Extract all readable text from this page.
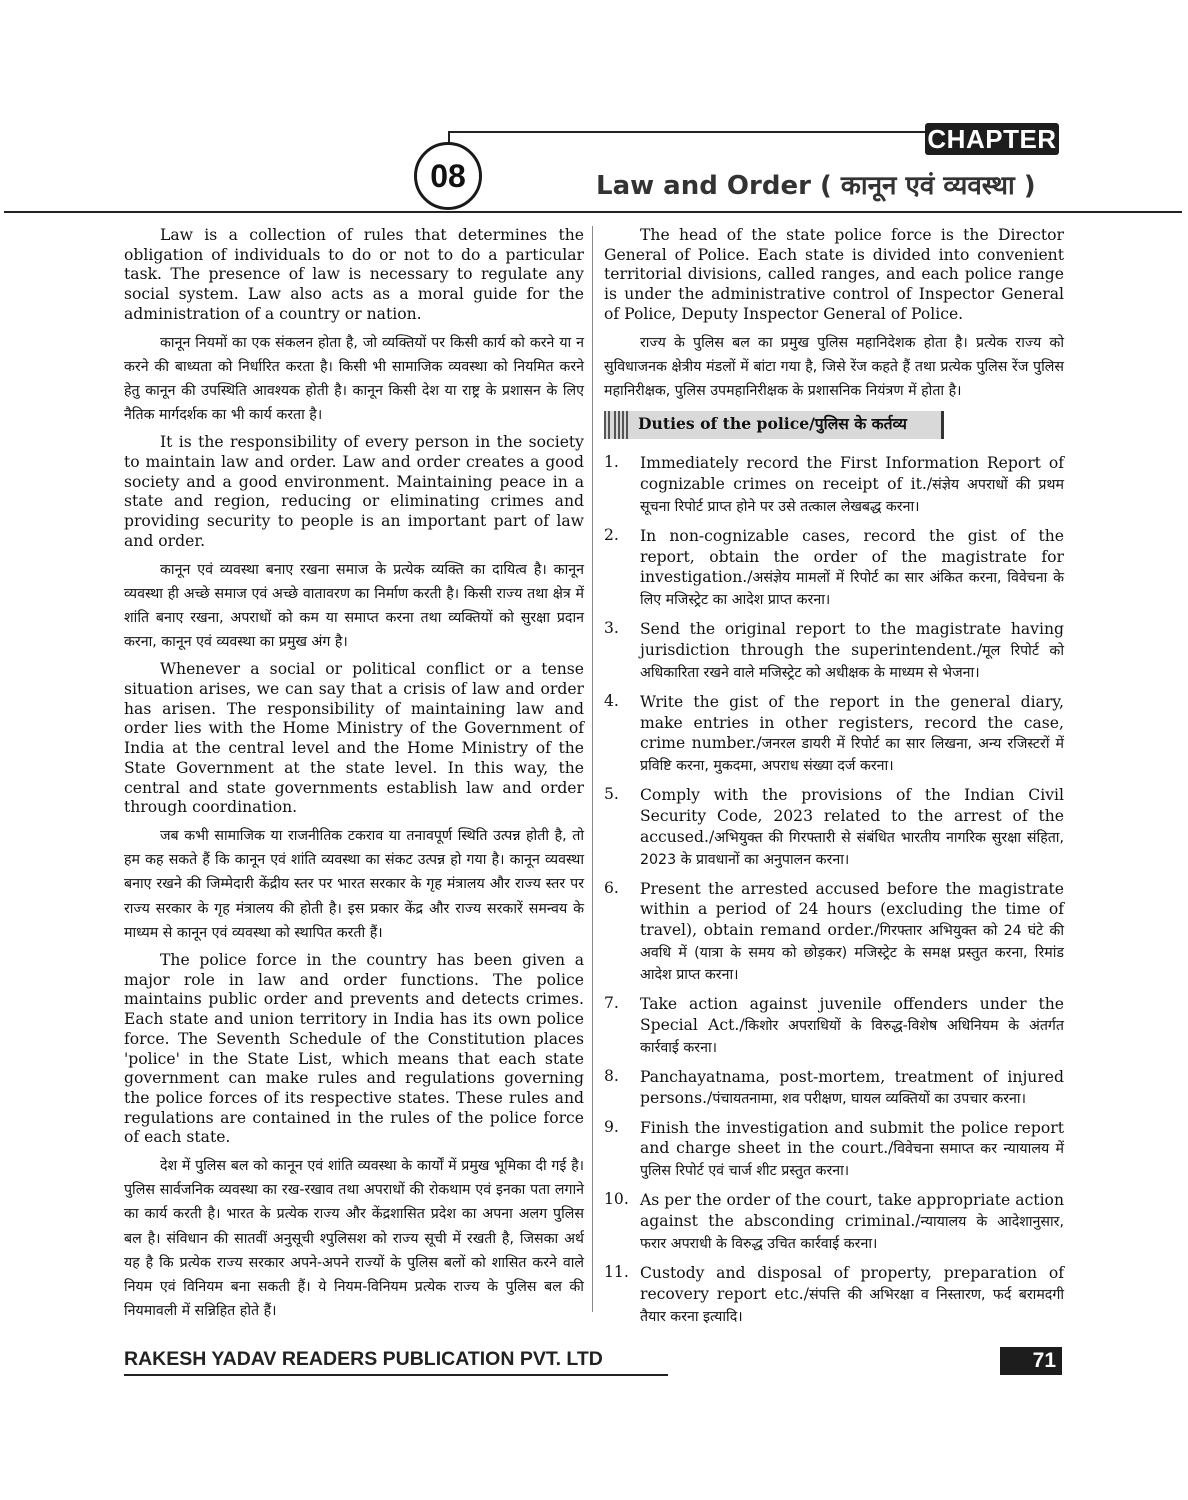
CHAPTER
08	Law and Order ( कानून एवं व्यवस्था )

Law is a collection of rules that determines the obligation of individuals to do or not to do a particular task. The presence of law is necessary to regulate any social system. Law also acts as a moral guide for the administration of a country or nation.

कानून नियमों का एक संकलन होता है, जो व्यक्तियों पर किसी कार्य को करने या न करने की बाध्यता को निर्धारित करता है। किसी भी सामाजिक व्यवस्था को नियमित करने हेतु कानून की उपस्थिति आवश्यक होती है। कानून किसी देश या राष्ट्र के प्रशासन के लिए नैतिक मार्गदर्शक का भी कार्य करता है।

It is the responsibility of every person in the society to maintain law and order. Law and order creates a good society and a good environment. Maintaining peace in a state and region, reducing or eliminating crimes and providing security to people is an important part of law and order.

कानून एवं व्यवस्था बनाए रखना समाज के प्रत्येक व्यक्ति का दायित्व है। कानून व्यवस्था ही अच्छे समाज एवं अच्छे वातावरण का निर्माण करती है। किसी राज्य तथा क्षेत्र में शांति बनाए रखना, अपराधों को कम या समाप्त करना तथा व्यक्तियों को सुरक्षा प्रदान करना, कानून एवं व्यवस्था का प्रमुख अंग है।

Whenever a social or political conflict or a tense situation arises, we can say that a crisis of law and order has arisen. The responsibility of maintaining law and order lies with the Home Ministry of the Government of India at the central level and the Home Ministry of the State Government at the state level. In this way, the central and state governments establish law and order through coordination.

जब कभी सामाजिक या राजनीतिक टकराव या तनावपूर्ण स्थिति उत्पन्न होती है, तो हम कह सकते हैं कि कानून एवं शांति व्यवस्था का संकट उत्पन्न हो गया है। कानून व्यवस्था बनाए रखने की जिम्मेदारी केंद्रीय स्तर पर भारत सरकार के गृह मंत्रालय और राज्य स्तर पर राज्य सरकार के गृह मंत्रालय की होती है। इस प्रकार केंद्र और राज्य सरकारें समन्वय के माध्यम से कानून एवं व्यवस्था को स्थापित करती हैं।

The police force in the country has been given a major role in law and order functions. The police maintains public order and prevents and detects crimes. Each state and union territory in India has its own police force. The Seventh Schedule of the Constitution places 'police' in the State List, which means that each state government can make rules and regulations governing the police forces of its respective states. These rules and regulations are contained in the rules of the police force of each state.

देश में पुलिस बल को कानून एवं शांति व्यवस्था के कार्यों में प्रमुख भूमिका दी गई है। पुलिस सार्वजनिक व्यवस्था का रख-रखाव तथा अपराधों की रोकथाम एवं इनका पता लगाने का कार्य करती है। भारत के प्रत्येक राज्य और केंद्रशासित प्रदेश का अपना अलग पुलिस बल है। संविधान की सातवीं अनुसूची श्पुलिसश को राज्य सूची में रखती है, जिसका अर्थ यह है कि प्रत्येक राज्य सरकार अपने-अपने राज्यों के पुलिस बलों को शासित करने वाले नियम एवं विनियम बना सकती हैं। ये नियम-विनियम प्रत्येक राज्य के पुलिस बल की नियमावली में सन्निहित होते हैं।

The head of the state police force is the Director General of Police. Each state is divided into convenient territorial divisions, called ranges, and each police range is under the administrative control of Inspector General of Police, Deputy Inspector General of Police.

राज्य के पुलिस बल का प्रमुख पुलिस महानिदेशक होता है। प्रत्येक राज्य को सुविधाजनक क्षेत्रीय मंडलों में बांटा गया है, जिसे रेंज कहते हैं तथा प्रत्येक पुलिस रेंज पुलिस महानिरीक्षक, पुलिस उपमहानिरीक्षक के प्रशासनिक नियंत्रण में होता है।

Duties of the police/पुलिस के कर्तव्य
1. Immediately record the First Information Report of cognizable crimes on receipt of it./संज्ञेय अपराधों की प्रथम सूचना रिपोर्ट प्राप्त होने पर उसे तत्काल लेखबद्ध करना।
2. In non-cognizable cases, record the gist of the report, obtain the order of the magistrate for investigation./असंज्ञेय मामलों में रिपोर्ट का सार अंकित करना, विवेचना के लिए मजिस्ट्रेट का आदेश प्राप्त करना।
3. Send the original report to the magistrate having jurisdiction through the superintendent./मूल रिपोर्ट को अधिकारिता रखने वाले मजिस्ट्रेट को अधीक्षक के माध्यम से भेजना।
4. Write the gist of the report in the general diary, make entries in other registers, record the case, crime number./जनरल डायरी में रिपोर्ट का सार लिखना, अन्य रजिस्टरों में प्रविष्टि करना, मुकदमा, अपराध संख्या दर्ज करना।
5. Comply with the provisions of the Indian Civil Security Code, 2023 related to the arrest of the accused./अभियुक्त की गिरफ्तारी से संबंधित भारतीय नागरिक सुरक्षा संहिता, 2023 के प्रावधानों का अनुपालन करना।
6. Present the arrested accused before the magistrate within a period of 24 hours (excluding the time of travel), obtain remand order./गिरफ्तार अभियुक्त को 24 घंटे की अवधि में (यात्रा के समय को छोड़कर) मजिस्ट्रेट के समक्ष प्रस्तुत करना, रिमांड आदेश प्राप्त करना।
7. Take action against juvenile offenders under the Special Act./किशोर अपराधियों के विरुद्ध-विशेष अधिनियम के अंतर्गत कार्रवाई करना।
8. Panchayatnama, post-mortem, treatment of injured persons./पंचायतनामा, शव परीक्षण, घायल व्यक्तियों का उपचार करना।
9. Finish the investigation and submit the police report and charge sheet in the court./विवेचना समाप्त कर न्यायालय में पुलिस रिपोर्ट एवं चार्ज शीट प्रस्तुत करना।
10. As per the order of the court, take appropriate action against the absconding criminal./न्यायालय के आदेशानुसार, फरार अपराधी के विरुद्ध उचित कार्रवाई करना।
11. Custody and disposal of property, preparation of recovery report etc./संपत्ति की अभिरक्षा व निस्तारण, फर्द बरामदगी तैयार करना इत्यादि।
RAKESH YADAV READERS PUBLICATION PVT. LTD	71
